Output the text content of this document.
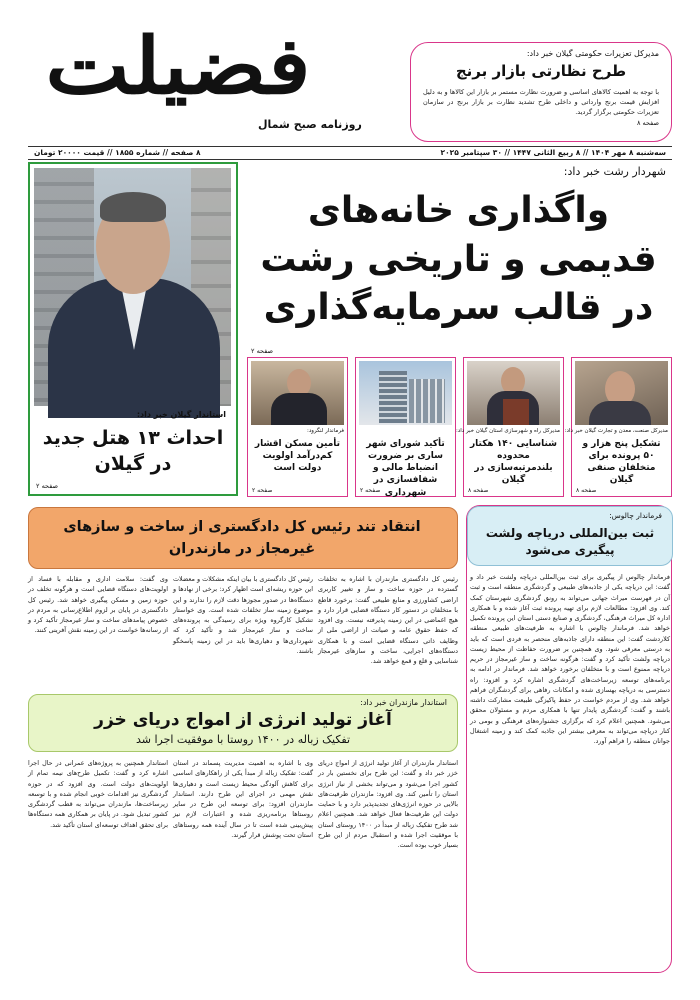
فضیلت
روزنامه صبح شمال
مدیرکل تعزیرات حکومتی گیلان خبر داد:
طرح نظارتی بازار برنج
با توجه به اهمیت کالاهای اساسی و ضرورت نظارت مستمر بر بازار این کالاها و به دلیل افزایش قیمت برنج وارداتی و داخلی طرح تشدید نظارت بر بازار برنج در سازمان تعزیرات حکومتی برگزار گردید.
صفحه ۸
سه‌شنبه ۸ مهر ۱۴۰۴ // ۸ ربیع الثانی ۱۴۴۷ // ۳۰ سپتامبر ۲۰۲۵
۸ صفحه // شماره ۱۸۵۵ // قیمت ۲۰۰۰۰ تومان
استاندار گیلان خبر داد:
احداث ۱۳ هتل جدید در گیلان
صفحه ۲
شهردار رشت خبر داد:
واگذاری خانه‌های قدیمی و تاریخی رشت در قالب سرمایه‌گذاری
صفحه ۲
مدیرکل صنعت، معدن و تجارت گیلان خبر داد:
تشکیل پنج هزار و ۵۰ پرونده برای متخلفان صنفی گیلان
صفحه ۸
مدیرکل راه و شهرسازی استان گیلان خبر داد:
شناسایی ۱۴۰ هکتار محدوده بلندمرتبه‌سازی در گیلان
صفحه ۸
تأکید شورای شهر ساری بر ضرورت انضباط مالی و شفافسازی در شهرداری
صفحه ۲
فرماندار لنگرود:
تأمین مسکن اقشار کم‌درآمد اولویت دولت است
صفحه ۲
انتقاد تند رئیس کل دادگستری از ساخت و سازهای غیرمجاز در مازندران
رئیس کل دادگستری مازندران با اشاره به تخلفات گسترده در حوزه ساخت و ساز و تغییر کاربری اراضی کشاورزی و منابع طبیعی گفت: برخورد قاطع با متخلفان در دستور کار دستگاه قضایی قرار دارد و هیچ اغماضی در این زمینه پذیرفته نیست. وی افزود که حفظ حقوق عامه و صیانت از اراضی ملی از وظایف ذاتی دستگاه قضایی است و با همکاری دستگاه‌های اجرایی، ساخت و سازهای غیرمجاز شناسایی و قلع و قمع خواهد شد.
رئیس کل دادگستری با بیان اینکه مشکلات و معضلات این حوزه ریشه‌ای است اظهار کرد: برخی از نهادها و دستگاه‌ها در صدور مجوزها دقت لازم را ندارند و این موضوع زمینه ساز تخلفات شده است. وی خواستار تشکیل کارگروه ویژه برای رسیدگی به پرونده‌های ساخت و ساز غیرمجاز شد و تأکید کرد که شهرداری‌ها و دهیاری‌ها باید در این زمینه پاسخگو باشند.
وی گفت: سلامت اداری و مقابله با فساد از اولویت‌های دستگاه قضایی است و هرگونه تخلف در حوزه زمین و مسکن پیگیری خواهد شد. رئیس کل دادگستری در پایان بر لزوم اطلاع‌رسانی به مردم در خصوص پیامدهای ساخت و ساز غیرمجاز تأکید کرد و از رسانه‌ها خواست در این زمینه نقش آفرینی کنند.
استاندار مازندران خبر داد:
آغاز تولید انرژی از امواج دریای خزر
تفکیک زباله در ۱۴۰۰ روستا با موفقیت اجرا شد
استاندار مازندران از آغاز تولید انرژی از امواج دریای خزر خبر داد و گفت: این طرح برای نخستین بار در کشور اجرا می‌شود و می‌تواند بخشی از نیاز انرژی استان را تأمین کند. وی افزود: مازندران ظرفیت‌های بالایی در حوزه انرژی‌های تجدیدپذیر دارد و با حمایت دولت این ظرفیت‌ها فعال خواهد شد. همچنین اعلام شد طرح تفکیک زباله از مبدأ در ۱۴۰۰ روستای استان با موفقیت اجرا شده و استقبال مردم از این طرح بسیار خوب بوده است.
وی با اشاره به اهمیت مدیریت پسماند در استان گفت: تفکیک زباله از مبدأ یکی از راهکارهای اساسی برای کاهش آلودگی محیط زیست است و دهیاری‌ها نقش مهمی در اجرای این طرح دارند. استاندار مازندران افزود: برای توسعه این طرح در سایر روستاها برنامه‌ریزی شده و اعتبارات لازم نیز پیش‌بینی شده است تا در سال آینده همه روستاهای استان تحت پوشش قرار گیرند.
استاندار همچنین به پروژه‌های عمرانی در حال اجرا اشاره کرد و گفت: تکمیل طرح‌های نیمه تمام از اولویت‌های دولت است. وی افزود که در حوزه گردشگری نیز اقدامات خوبی انجام شده و با توسعه زیرساخت‌ها، مازندران می‌تواند به قطب گردشگری کشور تبدیل شود. در پایان بر همکاری همه دستگاه‌ها برای تحقق اهداف توسعه‌ای استان تأکید شد.
فرماندار چالوس:
ثبت بین‌المللی دریاچه ولشت پیگیری می‌شود
فرماندار چالوس از پیگیری برای ثبت بین‌المللی دریاچه ولشت خبر داد و گفت: این دریاچه یکی از جاذبه‌های طبیعی و گردشگری منطقه است و ثبت آن در فهرست میراث جهانی می‌تواند به رونق گردشگری شهرستان کمک کند. وی افزود: مطالعات لازم برای تهیه پرونده ثبت آغاز شده و با همکاری اداره کل میراث فرهنگی، گردشگری و صنایع دستی استان این پرونده تکمیل خواهد شد. فرماندار چالوس با اشاره به ظرفیت‌های طبیعی منطقه کلاردشت گفت: این منطقه دارای جاذبه‌های منحصر به فردی است که باید به درستی معرفی شود. وی همچنین بر ضرورت حفاظت از محیط زیست دریاچه ولشت تأکید کرد و گفت: هرگونه ساخت و ساز غیرمجاز در حریم دریاچه ممنوع است و با متخلفان برخورد خواهد شد. فرماندار در ادامه به برنامه‌های توسعه زیرساخت‌های گردشگری اشاره کرد و افزود: راه دسترسی به دریاچه بهسازی شده و امکانات رفاهی برای گردشگران فراهم خواهد شد. وی از مردم خواست در حفظ پاکیزگی طبیعت مشارکت داشته باشند و گفت: گردشگری پایدار تنها با همکاری مردم و مسئولان محقق می‌شود. همچنین اعلام کرد که برگزاری جشنواره‌های فرهنگی و بومی در کنار دریاچه می‌تواند به معرفی بیشتر این جاذبه کمک کند و زمینه اشتغال جوانان منطقه را فراهم آورد.
